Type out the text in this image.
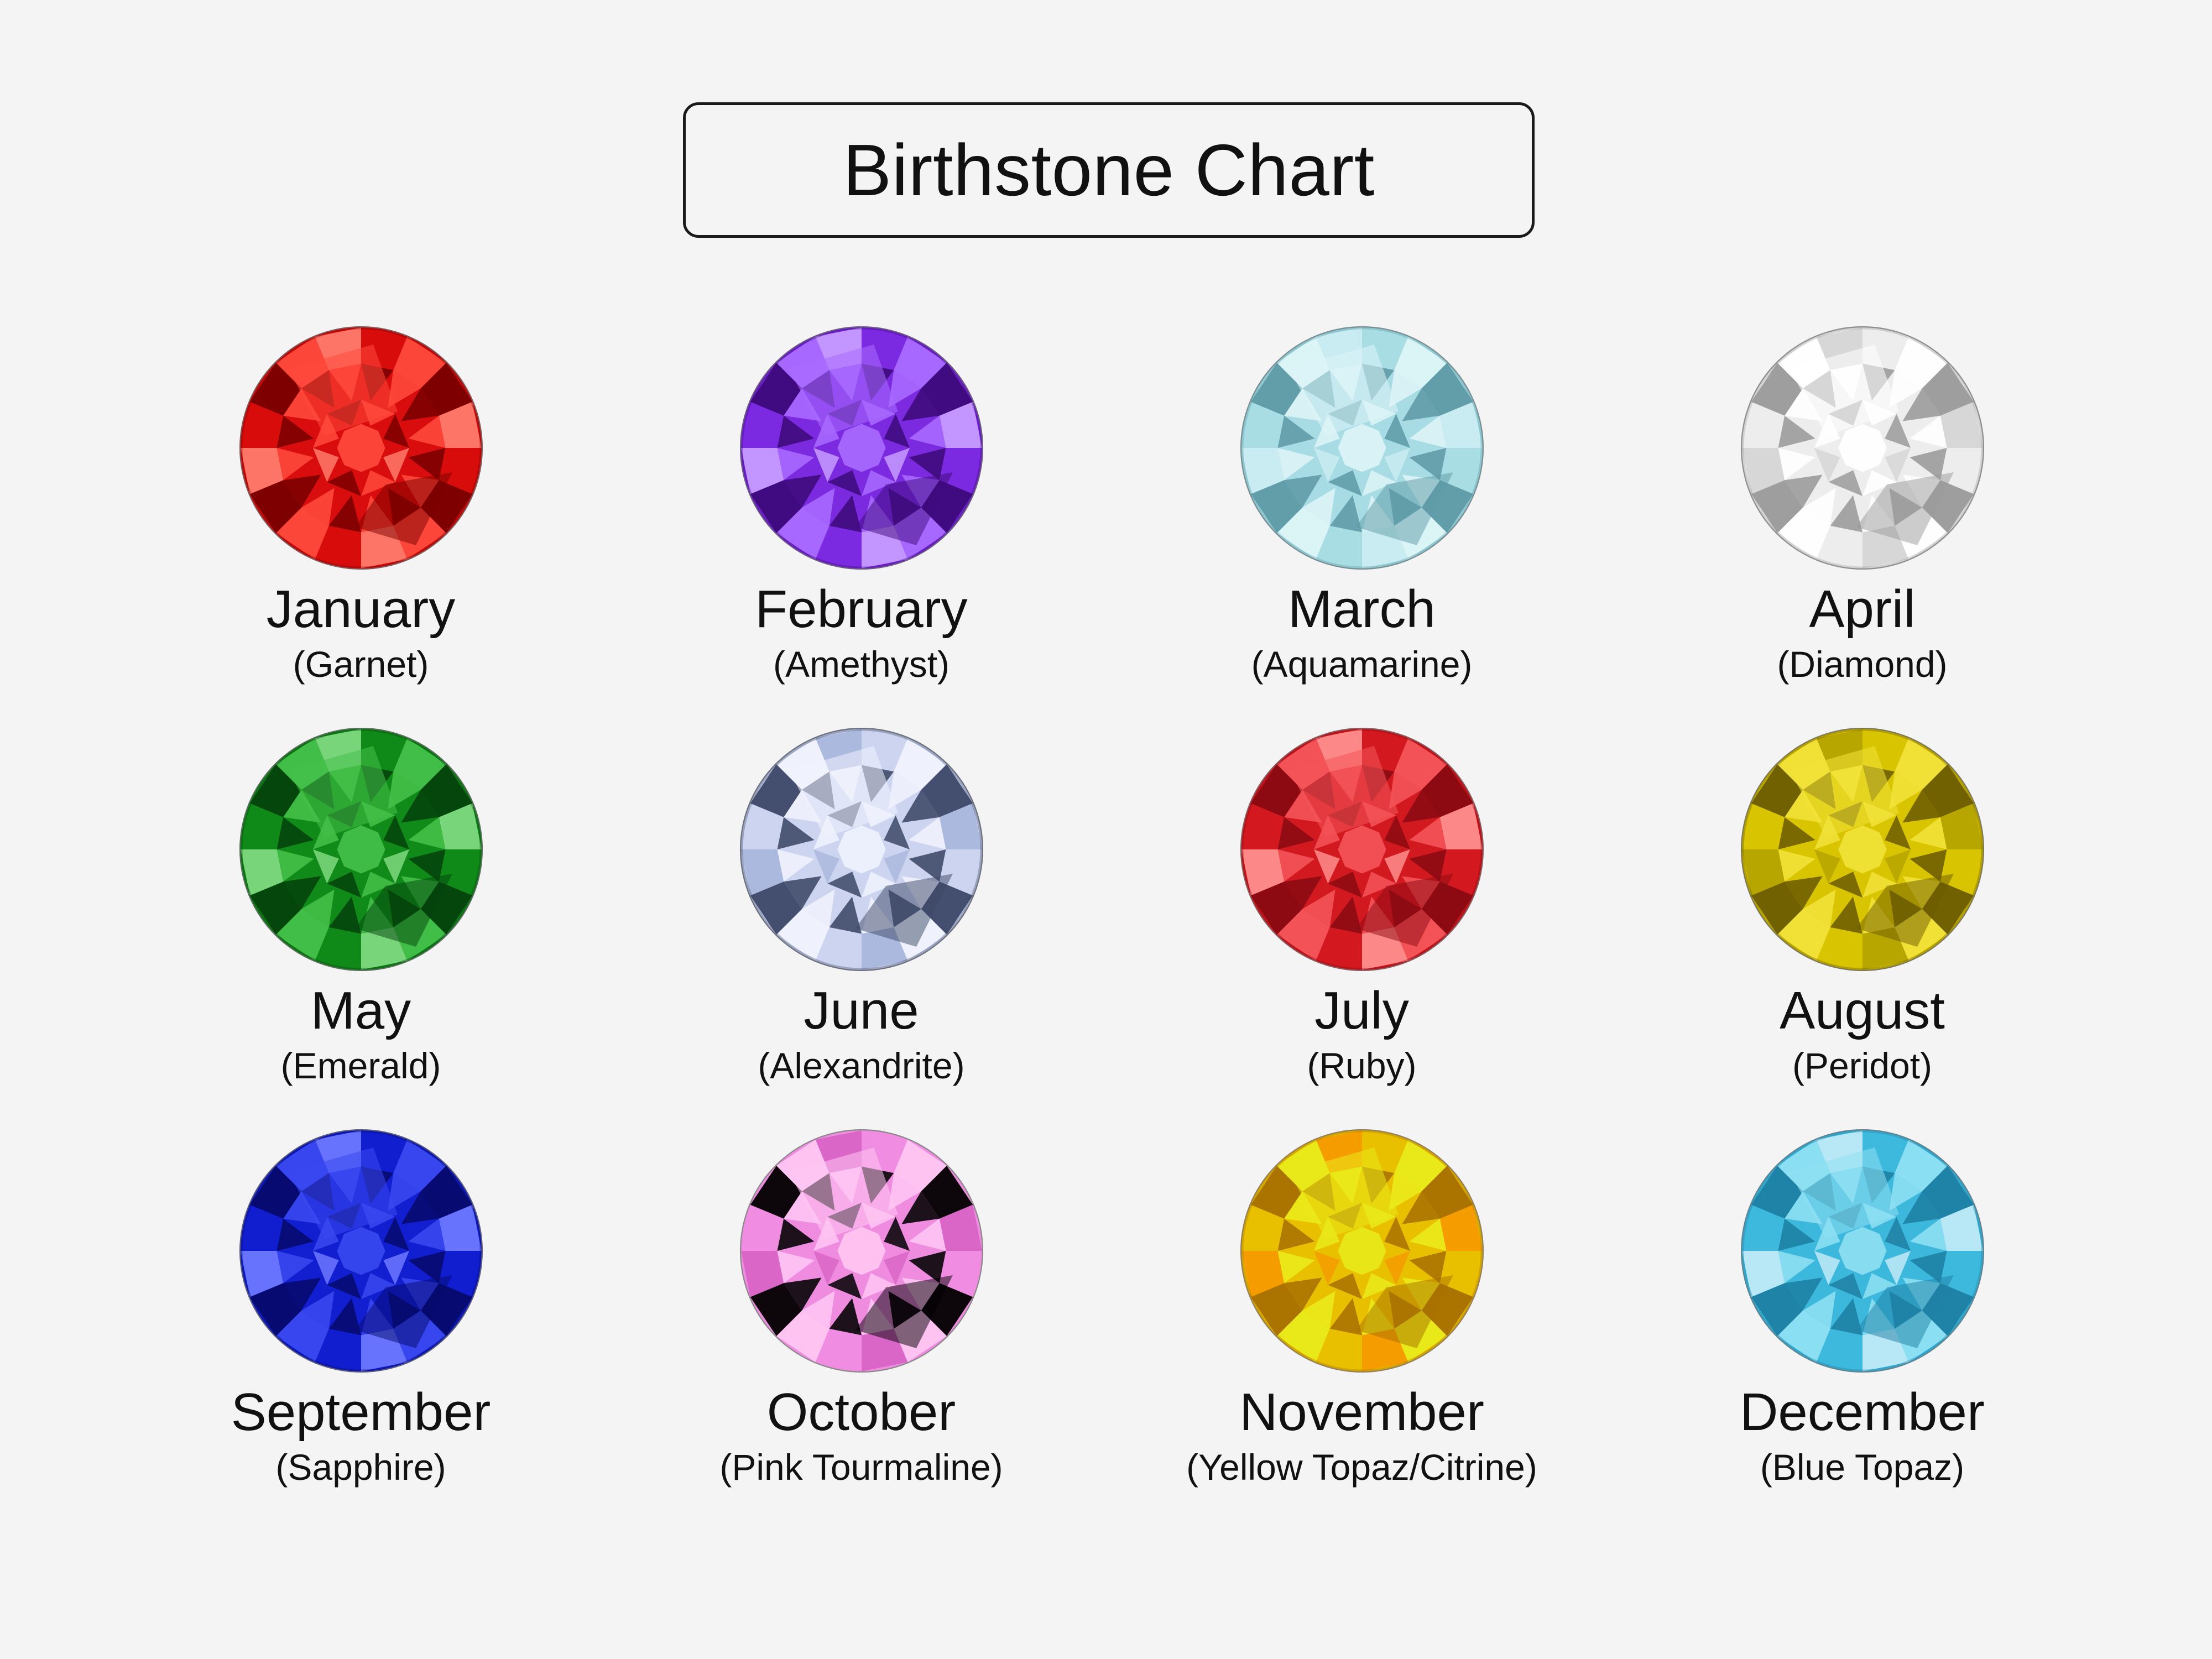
Birthstone Chart
January
(Garnet)
February
(Amethyst)
March
(Aquamarine)
April
(Diamond)
May
(Emerald)
June
(Alexandrite)
July
(Ruby)
August
(Peridot)
September
(Sapphire)
October
(Pink Tourmaline)
November
(Yellow Topaz/Citrine)
December
(Blue Topaz)
